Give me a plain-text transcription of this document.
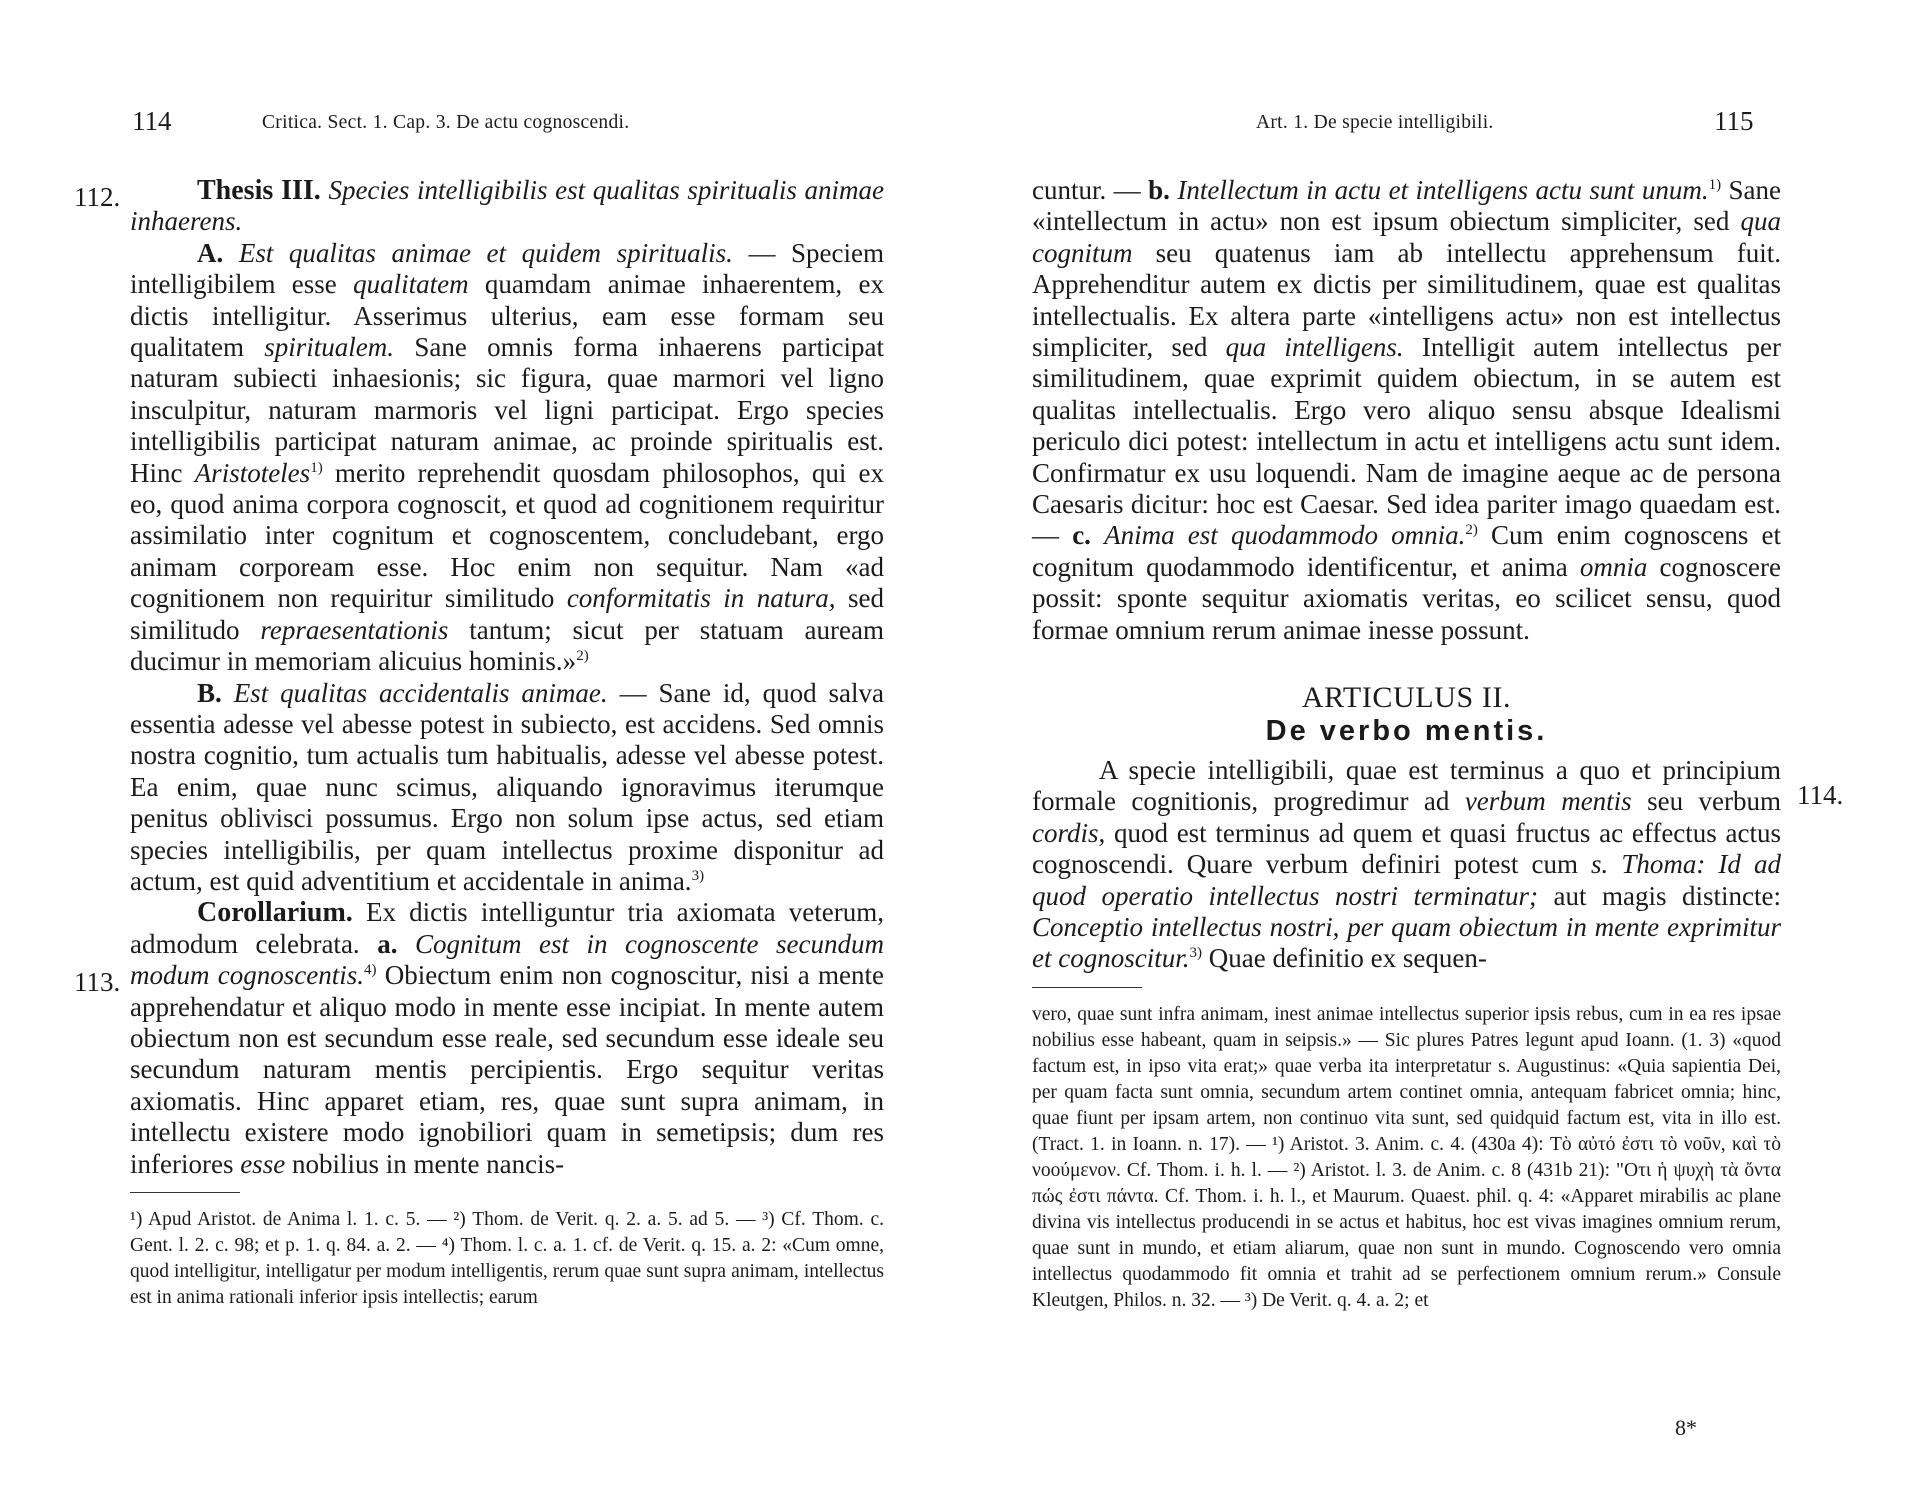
114	Critica. Sect. 1. Cap. 3. De actu cognoscendi.
112.
113.

Thesis III. Species intelligibilis est qualitas spiritualis animae inhaerens.

A. Est qualitas animae et quidem spiritualis. — Speciem intelligibilem esse qualitatem quamdam animae inhaerentem, ex dictis intelligitur. Asserimus ulterius, eam esse formam seu qualitatem spiritualem. Sane omnis forma inhaerens participat naturam subiecti inhaesionis; sic figura, quae marmori vel ligno insculpitur, naturam marmoris vel ligni participat. Ergo species intelligibilis participat naturam animae, ac proinde spiritualis est. Hinc Aristoteles$^{1)}$ merito reprehendit quosdam philosophos, qui ex eo, quod anima corpora cognoscit, et quod ad cognitionem requiritur assimilatio inter cognitum et cognoscentem, concludebant, ergo animam corpoream esse. Hoc enim non sequitur. Nam «ad cognitionem non requiritur similitudo conformitatis in natura, sed similitudo repraesentationis tantum; sicut per statuam auream ducimur in memoriam alicuius hominis.»$^{2)}$

B. Est qualitas accidentalis animae. — Sane id, quod salva essentia adesse vel abesse potest in subiecto, est accidens. Sed omnis nostra cognitio, tum actualis tum habitualis, adesse vel abesse potest. Ea enim, quae nunc scimus, aliquando ignoravimus iterumque penitus oblivisci possumus. Ergo non solum ipse actus, sed etiam species intelligibilis, per quam intellectus proxime disponitur ad actum, est quid adventitium et accidentale in anima.$^{3)}$

Corollarium. Ex dictis intelliguntur tria axiomata veterum, admodum celebrata. a. Cognitum est in cognoscente secundum modum cognoscentis.$^{4)}$ Obiectum enim non cognoscitur, nisi a mente apprehendatur et aliquo modo in mente esse incipiat. In mente autem obiectum non est secundum esse reale, sed secundum esse ideale seu secundum naturam mentis percipientis. Ergo sequitur veritas axiomatis. Hinc apparet etiam, res, quae sunt supra animam, in intellectu existere modo ignobiliori quam in semetipsis; dum res inferiores esse nobilius in mente nancis-

¹) Apud Aristot. de Anima l. 1. c. 5. — ²) Thom. de Verit. q. 2. a. 5. ad 5. — ³) Cf. Thom. c. Gent. l. 2. c. 98; et p. 1. q. 84. a. 2. — ⁴) Thom. l. c. a. 1. cf. de Verit. q. 15. a. 2: «Cum omne, quod intelligitur, intelligatur per modum intelligentis, rerum quae sunt supra animam, intellectus est in anima rationali inferior ipsis intellectis; earum

Art. 1. De specie intelligibili.	115
114.

cuntur. — b. Intellectum in actu et intelligens actu sunt unum.$^{1)}$ Sane «intellectum in actu» non est ipsum obiectum simpliciter, sed qua cognitum seu quatenus iam ab intellectu apprehensum fuit. Apprehenditur autem ex dictis per similitudinem, quae est qualitas intellectualis. Ex altera parte «intelligens actu» non est intellectus simpliciter, sed qua intelligens. Intelligit autem intellectus per similitudinem, quae exprimit quidem obiectum, in se autem est qualitas intellectualis. Ergo vero aliquo sensu absque Idealismi periculo dici potest: intellectum in actu et intelligens actu sunt idem. Confirmatur ex usu loquendi. Nam de imagine aeque ac de persona Caesaris dicitur: hoc est Caesar. Sed idea pariter imago quaedam est. — c. Anima est quodammodo omnia.$^{2)}$ Cum enim cognoscens et cognitum quodammodo identificentur, et anima omnia cognoscere possit: sponte sequitur axiomatis veritas, eo scilicet sensu, quod formae omnium rerum animae inesse possunt.

ARTICULUS II.
De verbo mentis.

A specie intelligibili, quae est terminus a quo et principium formale cognitionis, progredimur ad verbum mentis seu verbum cordis, quod est terminus ad quem et quasi fructus ac effectus actus cognoscendi. Quare verbum definiri potest cum s. Thoma: Id ad quod operatio intellectus nostri terminatur; aut magis distincte: Conceptio intellectus nostri, per quam obiectum in mente exprimitur et cognoscitur.$^{3)}$ Quae definitio ex sequen-

vero, quae sunt infra animam, inest animae intellectus superior ipsis rebus, cum in ea res ipsae nobilius esse habeant, quam in seipsis.» — Sic plures Patres legunt apud Ioann. (1. 3) «quod factum est, in ipso vita erat;» quae verba ita interpretatur s. Augustinus: «Quia sapientia Dei, per quam facta sunt omnia, secundum artem continet omnia, antequam fabricet omnia; hinc, quae fiunt per ipsam artem, non continuo vita sunt, sed quidquid factum est, vita in illo est. (Tract. 1. in Ioann. n. 17). — ¹) Aristot. 3. Anim. c. 4. (430a 4): Τὸ αὐτό ἐστι τὸ νοῦν, καὶ τὸ νοούμενον. Cf. Thom. i. h. l. — ²) Aristot. l. 3. de Anim. c. 8 (431b 21): "Οτι ἡ ψυχὴ τὰ ὄντα πώς ἐστι πάντα. Cf. Thom. i. h. l., et Maurum. Quaest. phil. q. 4: «Apparet mirabilis ac plane divina vis intellectus producendi in se actus et habitus, hoc est vivas imagines omnium rerum, quae sunt in mundo, et etiam aliarum, quae non sunt in mundo. Cognoscendo vero omnia intellectus quodammodo fit omnia et trahit ad se perfectionem omnium rerum.» Consule Kleutgen, Philos. n. 32. — ³) De Verit. q. 4. a. 2; et

8*
